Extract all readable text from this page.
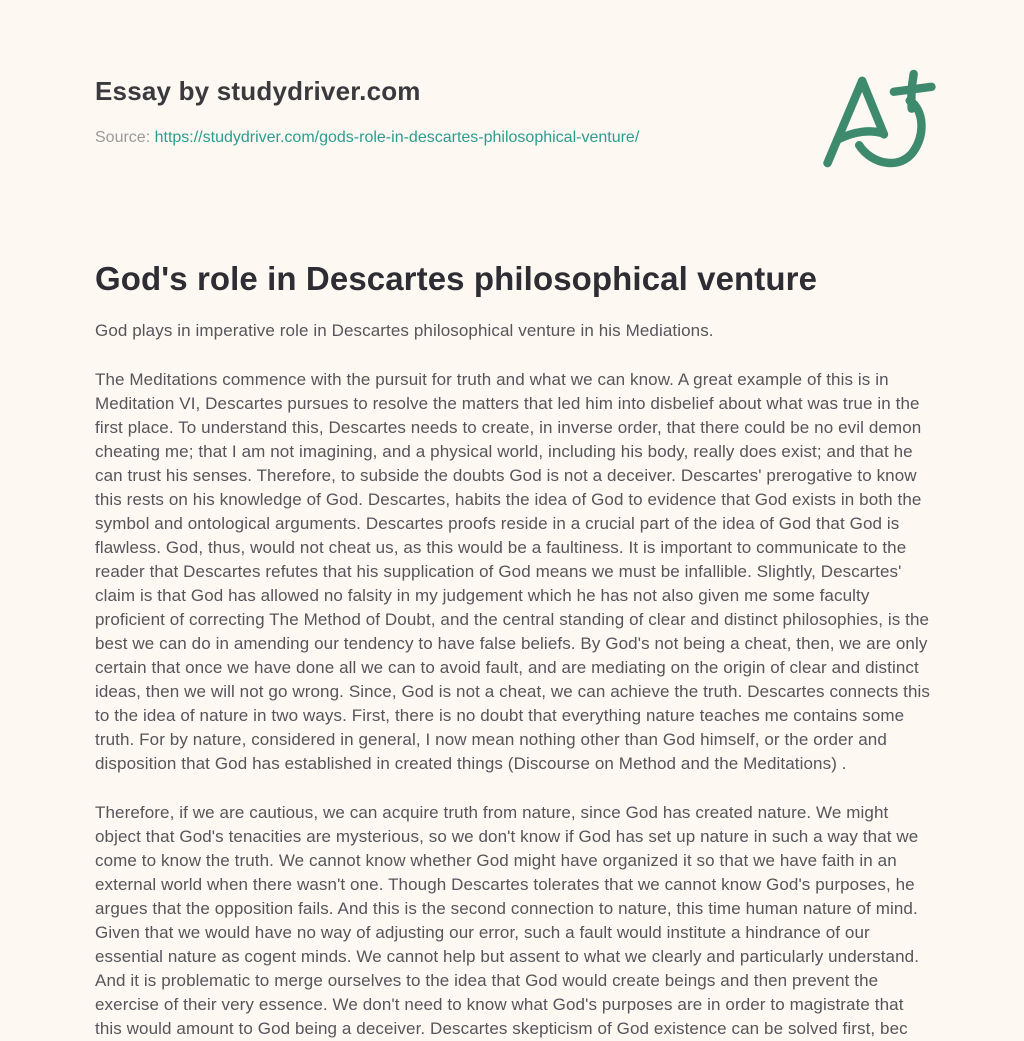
Essay by studydriver.com
Source: https://studydriver.com/gods-role-in-descartes-philosophical-venture/
God's role in Descartes philosophical venture

God plays in imperative role in Descartes philosophical venture in his Mediations.

The Meditations commence with the pursuit for truth and what we can know. A great example of this is in Meditation VI, Descartes pursues to resolve the matters that led him into disbelief about what was true in the first place. To understand this, Descartes needs to create, in inverse order, that there could be no evil demon cheating me; that I am not imagining, and a physical world, including his body, really does exist; and that he can trust his senses. Therefore, to subside the doubts God is not a deceiver. Descartes' prerogative to know this rests on his knowledge of God. Descartes, habits the idea of God to evidence that God exists in both the symbol and ontological arguments. Descartes proofs reside in a crucial part of the idea of God that God is flawless. God, thus, would not cheat us, as this would be a faultiness. It is important to communicate to the reader that Descartes refutes that his supplication of God means we must be infallible. Slightly, Descartes' claim is that God has allowed no falsity in my judgement which he has not also given me some faculty proficient of correcting The Method of Doubt, and the central standing of clear and distinct philosophies, is the best we can do in amending our tendency to have false beliefs. By God's not being a cheat, then, we are only certain that once we have done all we can to avoid fault, and are mediating on the origin of clear and distinct ideas, then we will not go wrong. Since, God is not a cheat, we can achieve the truth. Descartes connects this to the idea of nature in two ways. First, there is no doubt that everything nature teaches me contains some truth. For by nature, considered in general, I now mean nothing other than God himself, or the order and disposition that God has established in created things (Discourse on Method and the Meditations) .

Therefore, if we are cautious, we can acquire truth from nature, since God has created nature. We might object that God's tenacities are mysterious, so we don't know if God has set up nature in such a way that we come to know the truth. We cannot know whether God might have organized it so that we have faith in an external world when there wasn't one. Though Descartes tolerates that we cannot know God's purposes, he argues that the opposition fails. And this is the second connection to nature, this time human nature of mind. Given that we would have no way of adjusting our error, such a fault would institute a hindrance of our essential nature as cogent minds. We cannot help but assent to what we clearly and particularly understand. And it is problematic to merge ourselves to the idea that God would create beings and then prevent the exercise of their very essence. We don't need to know what God's purposes are in order to magistrate that this would amount to God being a deceiver. Descartes skepticism of God existence can be solved first, bec
